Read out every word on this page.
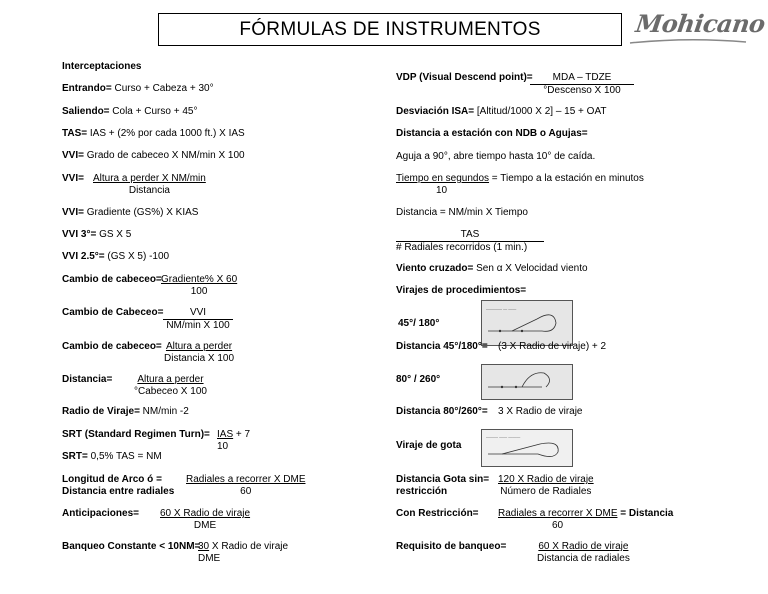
FÓRMULAS DE INSTRUMENTOS	Mohicano
Interceptaciones
Entrando= Curso + Cabeza + 30°
Saliendo= Cola + Curso + 45°
TAS= IAS + (2% por cada 1000 ft.) X IAS
VVI= Grado de cabeceo X NM/min X 100
$VVI= \frac{\text{Altura a perder X NM/min}}{\text{Distancia}}$
VVI= Gradiente (GS%) X KIAS
VVI 3°= GS X 5
VVI 2.5°= (GS X 5) -100
Cambio de cabeceo= $\frac{\text{Gradiente\% X 60}}{100}$
Cambio de Cabeceo= $\frac{\text{VVI}}{\text{NM/min X 100}}$
Cambio de cabeceo= $\frac{\text{Altura a perder}}{\text{Distancia X 100}}$
Distancia= $\frac{\text{Altura a perder}}{\text{°Cabeceo X 100}}$
Radio de Viraje= NM/min -2
SRT (Standard Regimen Turn)= IAS + 7
10
SRT= 0,5% TAS = NM
Longitud de Arco ó =
Distancia entre radiales $\frac{\text{Radiales a recorrer X DME}}{60}$
Anticipaciones= $\frac{\text{60 X Radio de viraje}}{\text{DME}}$
Banqueo Constante < 10NM=
30 X Radio de viraje
DME
VDP (Visual Descend point)=
$\frac{\text{MDA – TDZE}}{\text{°Descenso X 100}}$
Desviación ISA= [Altitud/1000 X 2] – 15 + OAT
Distancia a estación con NDB o Agujas=
Aguja a 90°, abre tiempo hasta 10° de caída.
Tiempo en segundos = Tiempo a la estación en minutos
10
Distancia = NM/min X Tiempo
$\frac{\text{TAS}}{\text{\# Radiales recorridos (1 min.)}}$
Viento cruzado= Sen α X Velocidad viento
Virajes de procedimientos=
———— — ——
45°/ 180°
Distancia 45°/180°= (3 X Radio de viraje) + 2
80° / 260°
Distancia 80°/260°= 3 X Radio de viraje
——— —— ———
Viraje de gota
Distancia Gota sin=
restricción	$\frac{\text{120 X Radio de viraje}}{\text{Número de Radiales}}$
Con Restricción= Radiales a recorrer X DME = Distancia
60
Requisito de banqueo=	$\frac{\text{60 X Radio de viraje}}{\text{Distancia de radiales}}$
